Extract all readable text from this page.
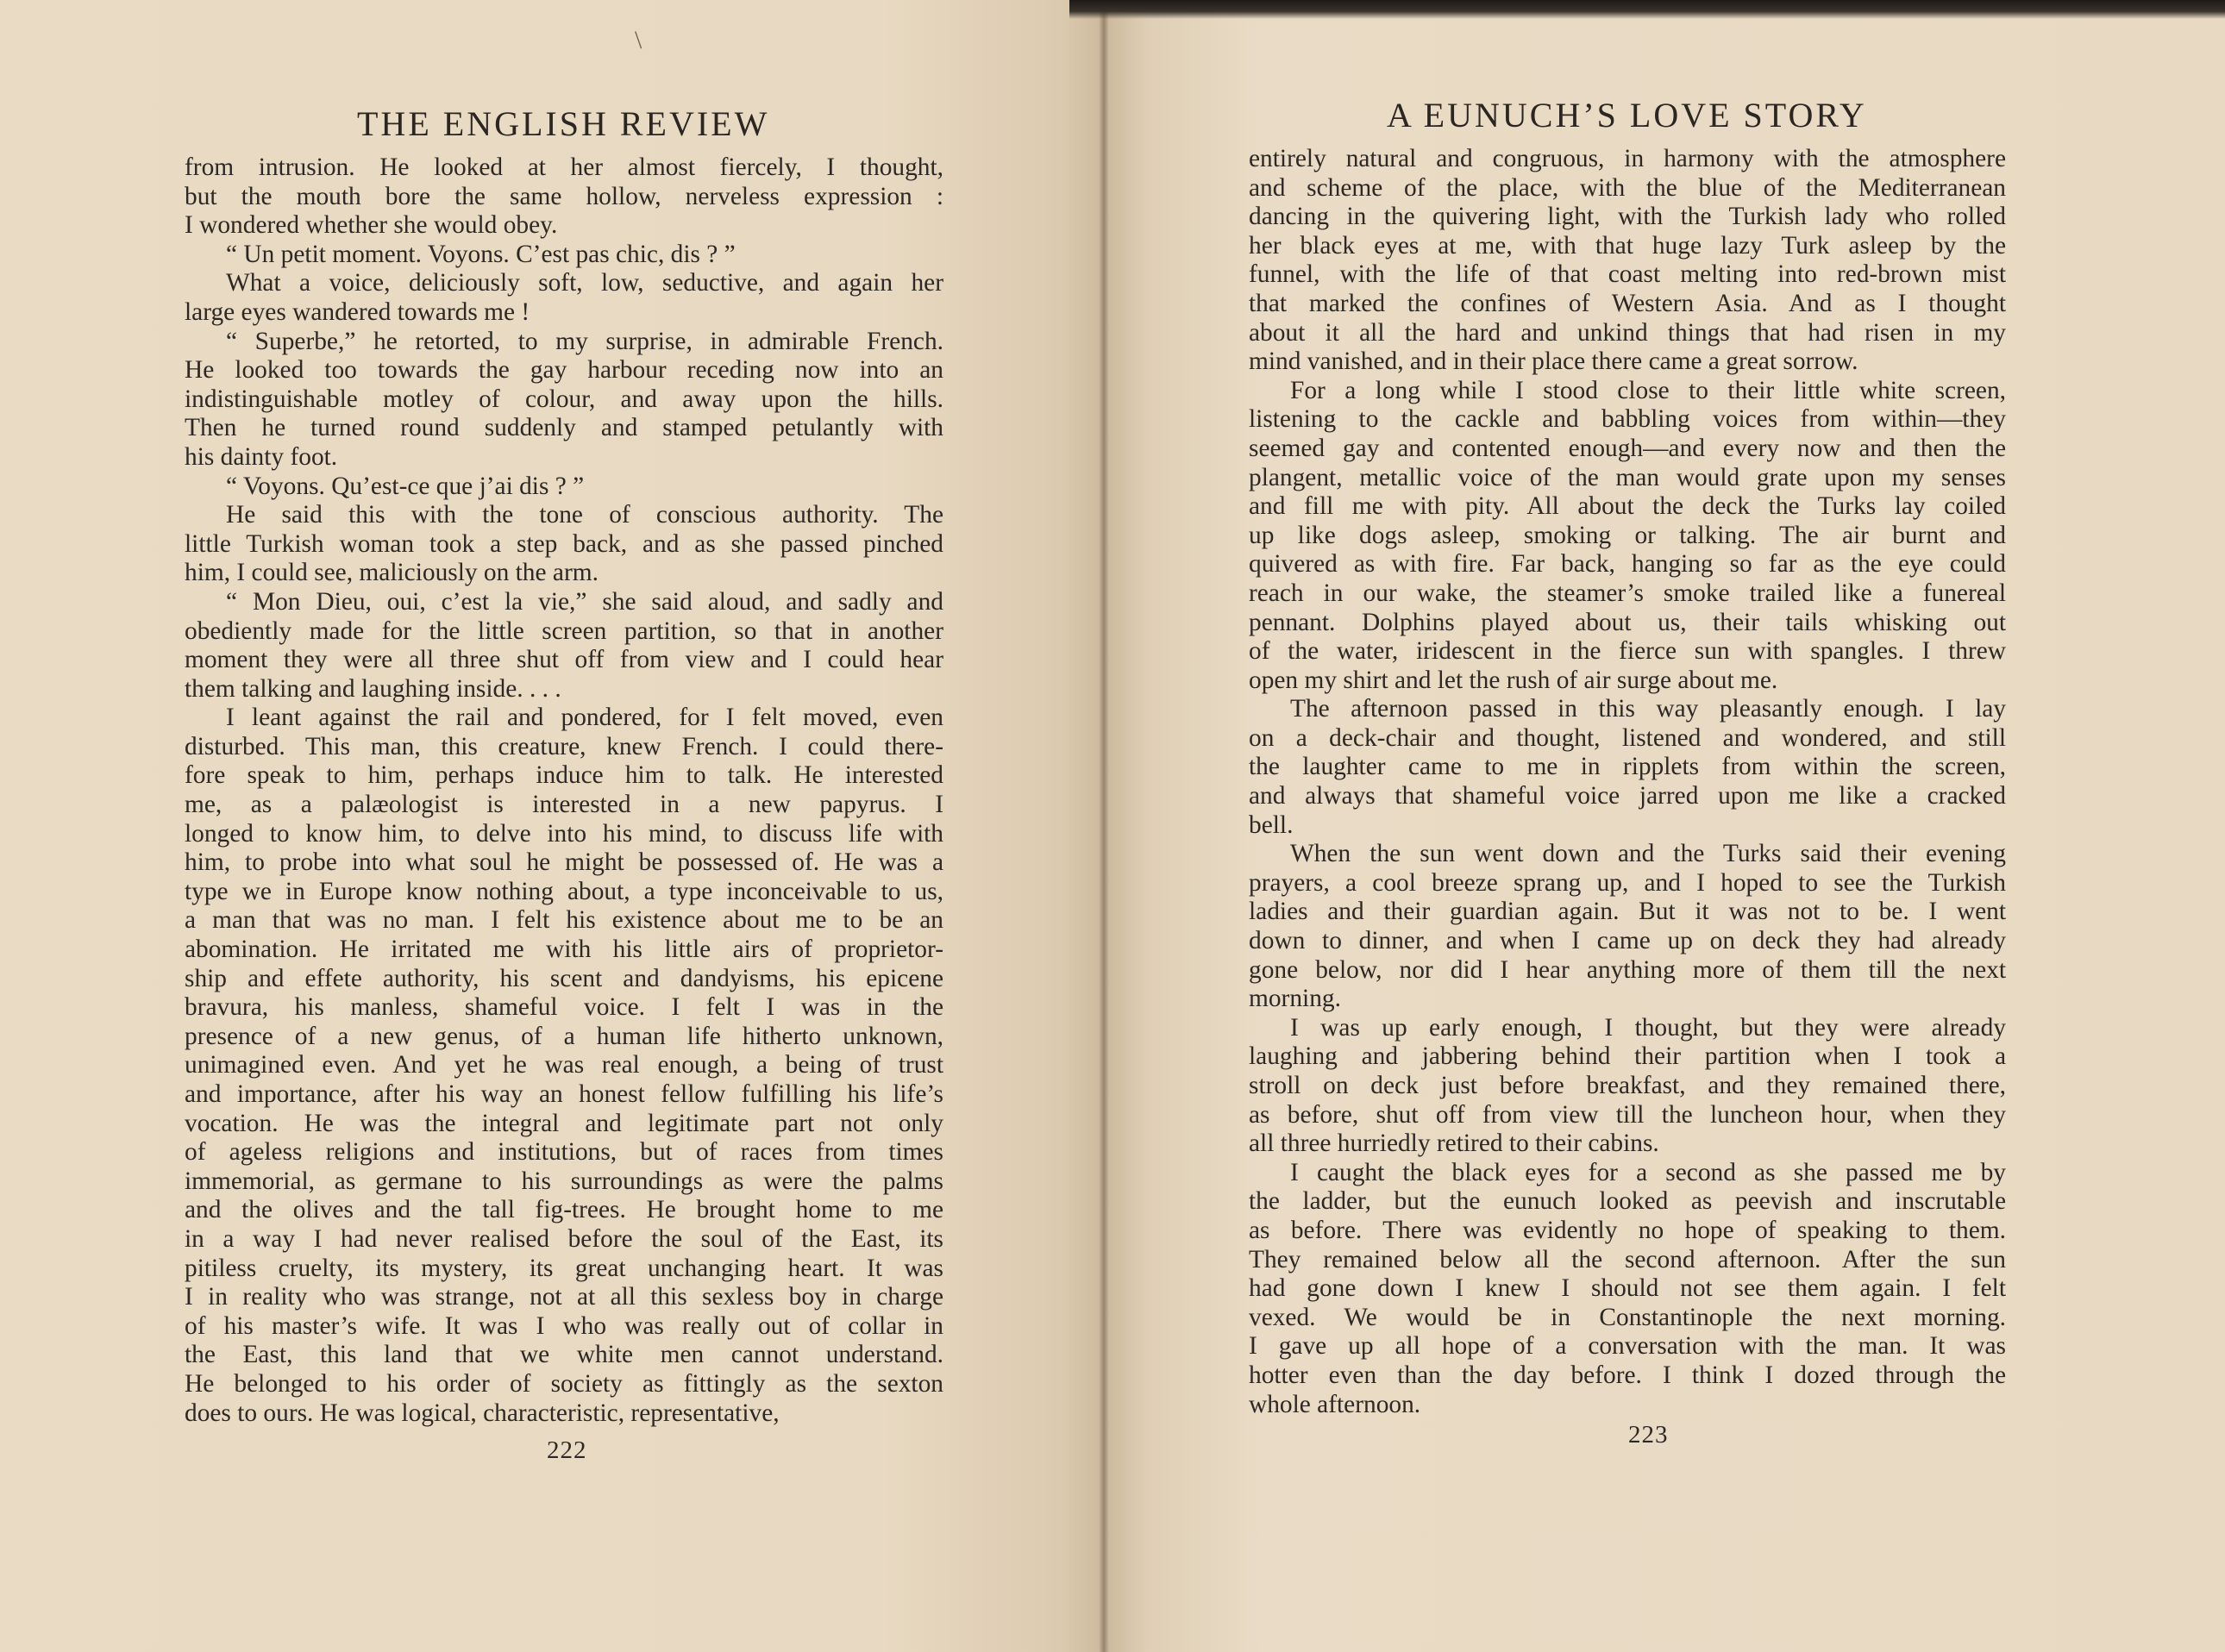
\
THE ENGLISH REVIEW
from intrusion. He looked at her almost fiercely, I thought,
but the mouth bore the same hollow, nerveless expression :
I wondered whether she would obey.
“ Un petit moment. Voyons. C’est pas chic, dis ? ”
What a voice, deliciously soft, low, seductive, and again her
large eyes wandered towards me !
“ Superbe,” he retorted, to my surprise, in admirable French.
He looked too towards the gay harbour receding now into an
indistinguishable motley of colour, and away upon the hills.
Then he turned round suddenly and stamped petulantly with
his dainty foot.
“ Voyons. Qu’est-ce que j’ai dis ? ”
He said this with the tone of conscious authority. The
little Turkish woman took a step back, and as she passed pinched
him, I could see, maliciously on the arm.
“ Mon Dieu, oui, c’est la vie,” she said aloud, and sadly and
obediently made for the little screen partition, so that in another
moment they were all three shut off from view and I could hear
them talking and laughing inside. . . .
I leant against the rail and pondered, for I felt moved, even
disturbed. This man, this creature, knew French. I could there-
fore speak to him, perhaps induce him to talk. He interested
me, as a palæologist is interested in a new papyrus. I
longed to know him, to delve into his mind, to discuss life with
him, to probe into what soul he might be possessed of. He was a
type we in Europe know nothing about, a type inconceivable to us,
a man that was no man. I felt his existence about me to be an
abomination. He irritated me with his little airs of proprietor-
ship and effete authority, his scent and dandyisms, his epicene
bravura, his manless, shameful voice. I felt I was in the
presence of a new genus, of a human life hitherto unknown,
unimagined even. And yet he was real enough, a being of trust
and importance, after his way an honest fellow fulfilling his life’s
vocation. He was the integral and legitimate part not only
of ageless religions and institutions, but of races from times
immemorial, as germane to his surroundings as were the palms
and the olives and the tall fig-trees. He brought home to me
in a way I had never realised before the soul of the East, its
pitiless cruelty, its mystery, its great unchanging heart. It was
I in reality who was strange, not at all this sexless boy in charge
of his master’s wife. It was I who was really out of collar in
the East, this land that we white men cannot understand.
He belonged to his order of society as fittingly as the sexton
does to ours. He was logical, characteristic, representative,
222
A EUNUCH’S LOVE STORY
entirely natural and congruous, in harmony with the atmosphere
and scheme of the place, with the blue of the Mediterranean
dancing in the quivering light, with the Turkish lady who rolled
her black eyes at me, with that huge lazy Turk asleep by the
funnel, with the life of that coast melting into red-brown mist
that marked the confines of Western Asia. And as I thought
about it all the hard and unkind things that had risen in my
mind vanished, and in their place there came a great sorrow.
For a long while I stood close to their little white screen,
listening to the cackle and babbling voices from within—they
seemed gay and contented enough—and every now and then the
plangent, metallic voice of the man would grate upon my senses
and fill me with pity. All about the deck the Turks lay coiled
up like dogs asleep, smoking or talking. The air burnt and
quivered as with fire. Far back, hanging so far as the eye could
reach in our wake, the steamer’s smoke trailed like a funereal
pennant. Dolphins played about us, their tails whisking out
of the water, iridescent in the fierce sun with spangles. I threw
open my shirt and let the rush of air surge about me.
The afternoon passed in this way pleasantly enough. I lay
on a deck-chair and thought, listened and wondered, and still
the laughter came to me in ripplets from within the screen,
and always that shameful voice jarred upon me like a cracked
bell.
When the sun went down and the Turks said their evening
prayers, a cool breeze sprang up, and I hoped to see the Turkish
ladies and their guardian again. But it was not to be. I went
down to dinner, and when I came up on deck they had already
gone below, nor did I hear anything more of them till the next
morning.
I was up early enough, I thought, but they were already
laughing and jabbering behind their partition when I took a
stroll on deck just before breakfast, and they remained there,
as before, shut off from view till the luncheon hour, when they
all three hurriedly retired to their cabins.
I caught the black eyes for a second as she passed me by
the ladder, but the eunuch looked as peevish and inscrutable
as before. There was evidently no hope of speaking to them.
They remained below all the second afternoon. After the sun
had gone down I knew I should not see them again. I felt
vexed. We would be in Constantinople the next morning.
I gave up all hope of a conversation with the man. It was
hotter even than the day before. I think I dozed through the
whole afternoon.
223
